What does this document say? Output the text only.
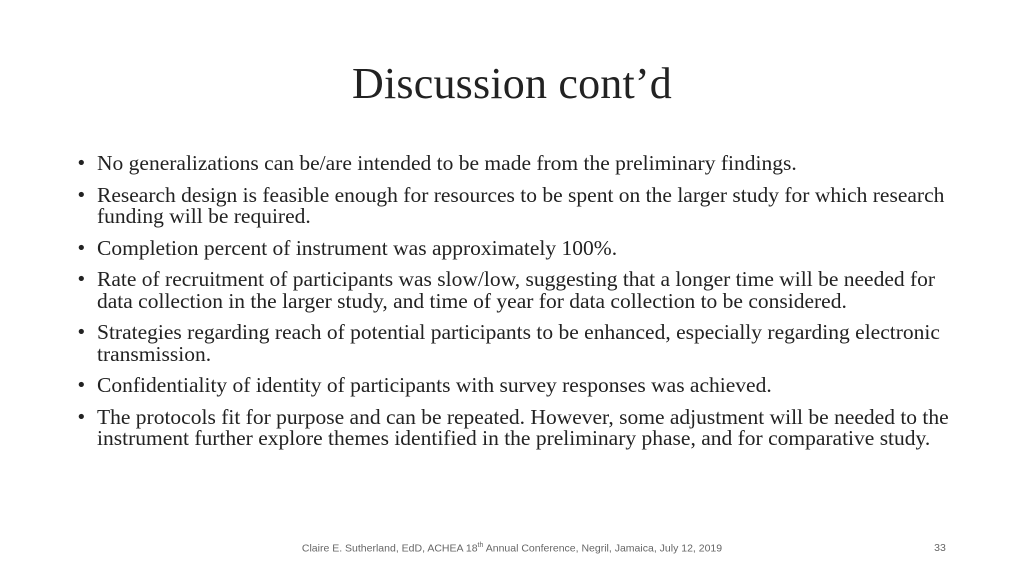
Discussion cont’d
• No generalizations can be/are intended to be made from the preliminary findings.
• Research design is feasible enough for resources to be spent on the larger study for which research funding will be required.
• Completion percent of instrument was approximately 100%.
• Rate of recruitment of participants was slow/low, suggesting that a longer time will be needed for data collection in the larger study, and time of year for data collection to be considered.
• Strategies regarding reach of potential participants to be enhanced, especially regarding electronic transmission.
• Confidentiality of identity of participants with survey responses was achieved.
• The protocols fit for purpose and can be repeated. However, some adjustment will be needed to the instrument further explore themes identified in the preliminary phase, and for comparative study.
Claire E. Sutherland, EdD, ACHEA 18th Annual Conference, Negril, Jamaica, July 12, 2019	33
